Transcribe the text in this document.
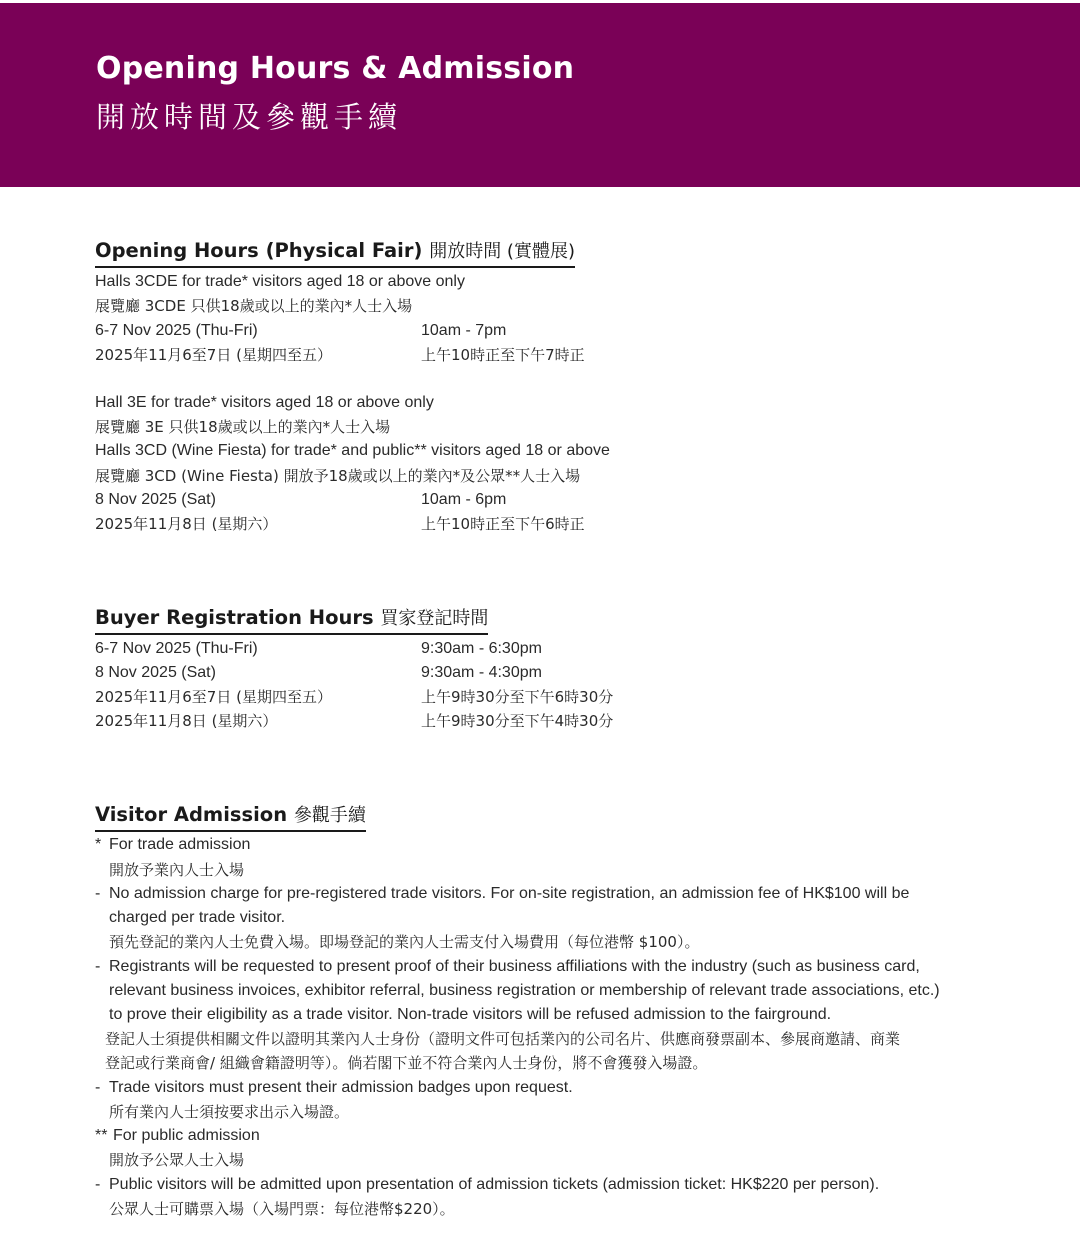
Opening Hours & Admission
開放時間及參觀手續
Opening Hours (Physical Fair) 開放時間 (實體展)
Halls 3CDE for trade* visitors aged 18 or above only
展覽廳 3CDE 只供18歲或以上的業內*人士入場
6-7 Nov 2025 (Thu-Fri)	10am - 7pm
2025年11月6至7日 (星期四至五）	上午10時正至下午7時正
Hall 3E for trade* visitors aged 18 or above only
展覽廳 3E 只供18歲或以上的業內*人士入場
Halls 3CD (Wine Fiesta) for trade* and public** visitors aged 18 or above
展覽廳 3CD (Wine Fiesta) 開放予18歲或以上的業內*及公眾**人士入場
8 Nov 2025 (Sat)	10am - 6pm
2025年11月8日 (星期六）	上午10時正至下午6時正
Buyer Registration Hours 買家登記時間
6-7 Nov 2025 (Thu-Fri)	9:30am - 6:30pm
8 Nov 2025 (Sat)	9:30am - 4:30pm
2025年11月6至7日 (星期四至五）	上午9時30分至下午6時30分
2025年11月8日 (星期六）	上午9時30分至下午4時30分
Visitor Admission 參觀手續
* For trade admission
開放予業內人士入場
- No admission charge for pre-registered trade visitors. For on-site registration, an admission fee of HK$100 will be
charged per trade visitor.
預先登記的業內人士免費入場。即場登記的業內人士需支付入場費用（每位港幣 $100）。
- Registrants will be requested to present proof of their business affiliations with the industry (such as business card,
relevant business invoices, exhibitor referral, business registration or membership of relevant trade associations, etc.)
to prove their eligibility as a trade visitor. Non-trade visitors will be refused admission to the fairground.
登記人士須提供相關文件以證明其業內人士身份（證明文件可包括業內的公司名片、供應商發票副本、參展商邀請、商業
登記或行業商會/ 組織會籍證明等）。倘若閣下並不符合業內人士身份，將不會獲發入場證。
- Trade visitors must present their admission badges upon request.
所有業內人士須按要求出示入場證。
** For public admission
開放予公眾人士入場
- Public visitors will be admitted upon presentation of admission tickets (admission ticket: HK$220 per person).
公眾人士可購票入場（入場門票：每位港幣$220）。
